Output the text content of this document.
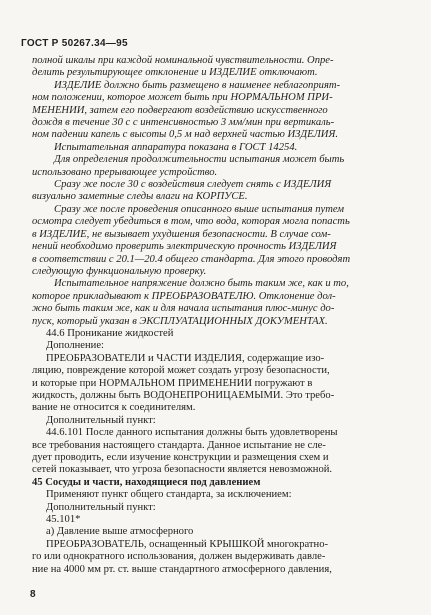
ГОСТ Р 50267.34—95
полной шкалы при каждой номинальной чувствительности. Опре-
делить результирующее отклонение и ИЗДЕЛИЕ отключают.
ИЗДЕЛИЕ должно быть размещено в наименее неблагоприят-
ном положении, которое может быть при НОРМАЛЬНОМ ПРИ-
МЕНЕНИИ, затем его подвергают воздействию искусственного
дождя в течение 30 с с интенсивностью 3 мм/мин при вертикаль-
ном падении капель с высоты 0,5 м над верхней частью ИЗДЕЛИЯ.
Испытательная аппаратура показана в ГОСТ 14254.
Для определения продолжительности испытания может быть
использовано прерывающее устройство.
Сразу же после 30 с воздействия следует снять с ИЗДЕЛИЯ
визуально заметные следы влаги на КОРПУСЕ.
Сразу же после проведения описанного выше испытания путем
осмотра следует убедиться в том, что вода, которая могла попасть
в ИЗДЕЛИЕ, не вызывает ухудшения безопасности. В случае сом-
нений необходимо проверить электрическую прочность ИЗДЕЛИЯ
в соответствии с 20.1—20.4 общего стандарта. Для этого проводят
следующую функциональную проверку.
Испытательное напряжение должно быть таким же, как и то,
которое прикладывают к ПРЕОБРАЗОВАТЕЛЮ. Отклонение дол-
жно быть таким же, как и для начала испытания плюс-минус до-
пуск, который указан в ЭКСПЛУАТАЦИОННЫХ ДОКУМЕНТАХ.
44.6 Проникание жидкостей
Дополнение:
ПРЕОБРАЗОВАТЕЛИ и ЧАСТИ ИЗДЕЛИЯ, содержащие изо-
ляцию, повреждение которой может создать угрозу безопасности,
и которые при НОРМАЛЬНОМ ПРИМЕНЕНИИ погружают в
жидкость, должны быть ВОДОНЕПРОНИЦАЕМЫМИ. Это требо-
вание не относится к соединителям.
Дополнительный пункт:
44.6.101 После данного испытания должны быть удовлетворены
все требования настоящего стандарта. Данное испытание не сле-
дует проводить, если изучение конструкции и размещения схем и
сетей показывает, что угроза безопасности является невозможной.
45 Сосуды и части, находящиеся под давлением
Применяют пункт общего стандарта, за исключением:
Дополнительный пункт:
45.101*
а) Давление выше атмосферного
ПРЕОБРАЗОВАТЕЛЬ, оснащенный КРЫШКОЙ многократно-
го или однократного использования, должен выдерживать давле-
ние на 4000 мм рт. ст. выше стандартного атмосферного давления,
8
